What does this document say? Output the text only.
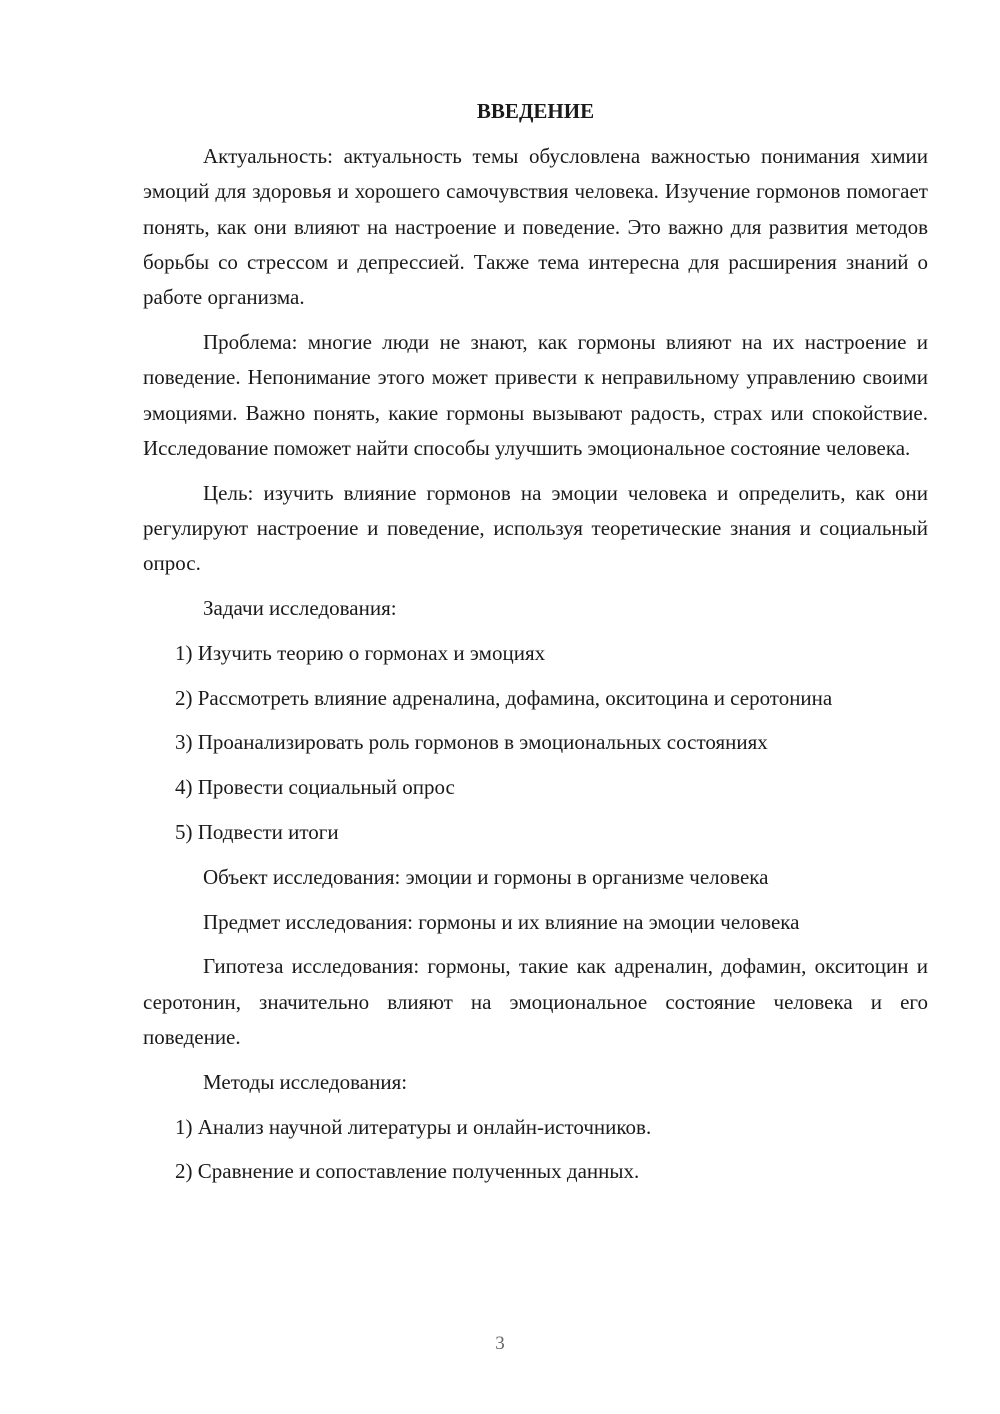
ВВЕДЕНИЕ

Актуальность: актуальность темы обусловлена важностью понимания химии эмоций для здоровья и хорошего самочувствия человека. Изучение гормонов помогает понять, как они влияют на настроение и поведение. Это важно для развития методов борьбы со стрессом и депрессией. Также тема интересна для расширения знаний о работе организма.

Проблема: многие люди не знают, как гормоны влияют на их настроение и поведение. Непонимание этого может привести к неправильному управлению своими эмоциями. Важно понять, какие гормоны вызывают радость, страх или спокойствие. Исследование поможет найти способы улучшить эмоциональное состояние человека.

Цель: изучить влияние гормонов на эмоции человека и определить, как они регулируют настроение и поведение, используя теоретические знания и социальный опрос.

Задачи исследования:
1) Изучить теорию о гормонах и эмоциях
2) Рассмотреть влияние адреналина, дофамина, окситоцина и серотонина
3) Проанализировать роль гормонов в эмоциональных состояниях
4) Провести социальный опрос
5) Подвести итоги
Объект исследования: эмоции и гормоны в организме человека
Предмет исследования: гормоны и их влияние на эмоции человека

Гипотеза исследования: гормоны, такие как адреналин, дофамин, окситоцин и серотонин, значительно влияют на эмоциональное состояние человека и его поведение.

Методы исследования:
1) Анализ научной литературы и онлайн-источников.
2) Сравнение и сопоставление полученных данных.
3
